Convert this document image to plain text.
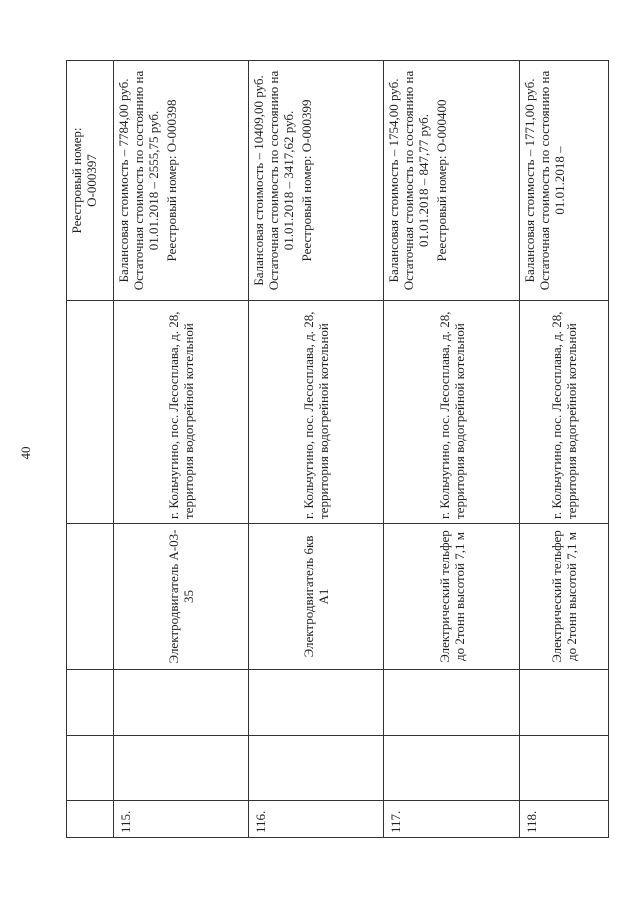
40

					Реестровый номер: О-000397

115.			Электродвигатель А-03-35	г. Кольчугино, пос. Лесосплава, д. 28, территория водогрейной котельной	Балансовая стоимость – 7784,00 руб. Остаточная стоимость по состоянию на 01.01.2018 – 2555,75 руб. Реестровый номер: О-000398

116.			Электродвигатель 6кв А1	г. Кольчугино, пос. Лесосплава, д. 28, территория водогрейной котельной	Балансовая стоимость – 10409,00 руб. Остаточная стоимость по состоянию на 01.01.2018 – 3417,62 руб. Реестровый номер: О-000399

117.			Электрический тельфер до 2тонн высотой 7,1 м	г. Кольчугино, пос. Лесосплава, д. 28, территория водогрейной котельной	Балансовая стоимость – 1754,00 руб. Остаточная стоимость по состоянию на 01.01.2018 – 847,77 руб. Реестровый номер: О-000400

118.			Электрический тельфер до 2тонн высотой 7,1 м	г. Кольчугино, пос. Лесосплава, д. 28, территория водогрейной котельной	Балансовая стоимость – 1771,00 руб. Остаточная стоимость по состоянию на 01.01.2018 –
